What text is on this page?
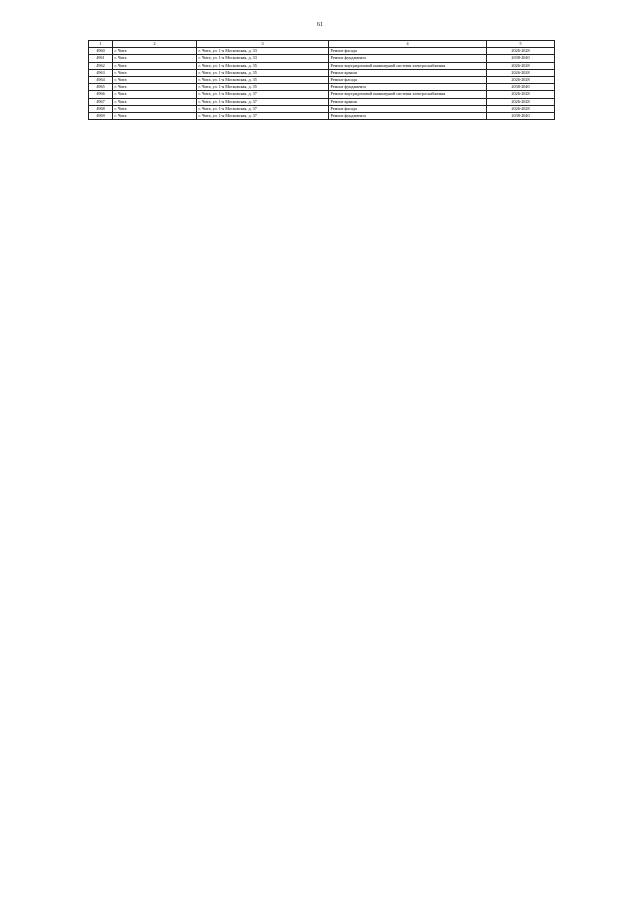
61
1	2	3	4	5
4960	г. Чита	г. Чита, ул. 1-я Московская, д. 33	Ремонт фасада	2026-2028
4961	г. Чита	г. Чита, ул. 1-я Московская, д. 33	Ремонт фундамента	2038-2040
4962	г. Чита	г. Чита, ул. 1-я Московская, д. 35	Ремонт внутридомовой инженерной системы электроснабжения	2026-2028
4963	г. Чита	г. Чита, ул. 1-я Московская, д. 35	Ремонт крыши	2026-2028
4964	г. Чита	г. Чита, ул. 1-я Московская, д. 35	Ремонт фасада	2026-2028
4965	г. Чита	г. Чита, ул. 1-я Московская, д. 35	Ремонт фундамента	2038-2040
4966	г. Чита	г. Чита, ул. 1-я Московская, д. 37	Ремонт внутридомовой инженерной системы электроснабжения	2026-2028
4967	г. Чита	г. Чита, ул. 1-я Московская, д. 37	Ремонт крыши	2026-2028
4968	г. Чита	г. Чита, ул. 1-я Московская, д. 37	Ремонт фасада	2026-2028
4969	г. Чита	г. Чита, ул. 1-я Московская, д. 37	Ремонт фундамента	2038-2040
